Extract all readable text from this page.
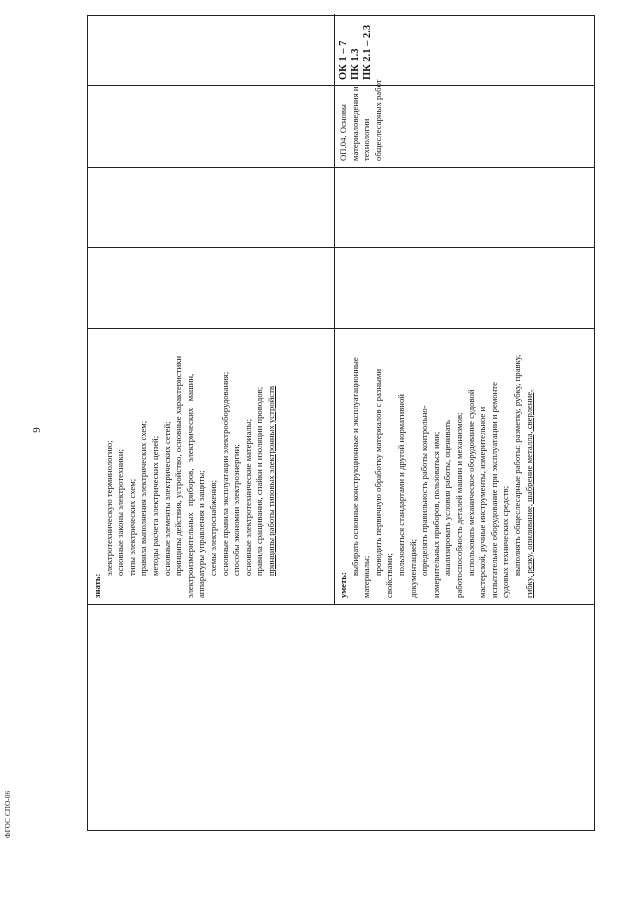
9
знать:
электротехническую терминологию; основные законы электротехники; типы электрических схем; правила выполнения электрических схем; методы расчета электрических цепей; основные элементы электрических сетей; принципы действия, устройство, основные характеристики электроизмерительных   приборов,   электрических   машин, аппаратуры управления и защиты; схемы электроснабжения; основные правила эксплуатации электрооборудования; способы экономии электроэнергии; основные электротехнические материалы; правила сращивания, спайки и изоляции проводов; принципы работы типовых электронных устройств
уметь:
выбирать основные конструкционные и эксплуатационные
материалы;
проводить первичную обработку материалов с разными свойствами; пользоваться стандартами и другой нормативной документацией; определять правильность работы контрольно- измерительных приборов, пользоваться ими; анализировать условия работы, оценивать работоспособность деталей машин и механизмов; использовать механическое оборудование судовой мастерской, ручные инструменты, измерительное и испытательное оборудование при эксплуатации и ремонте судовых технических средств; выполнять общеслесарные работы: разметку, рубку, правку, гибку, резку, опиливание, шабрение металла, сверление,
ОП.04. Основы материаловедения и технологии общеслесарных работ
ОК 1 – 7 ПК 1.3 ПК 2.1 – 2.3
ФГОС СПО-06
